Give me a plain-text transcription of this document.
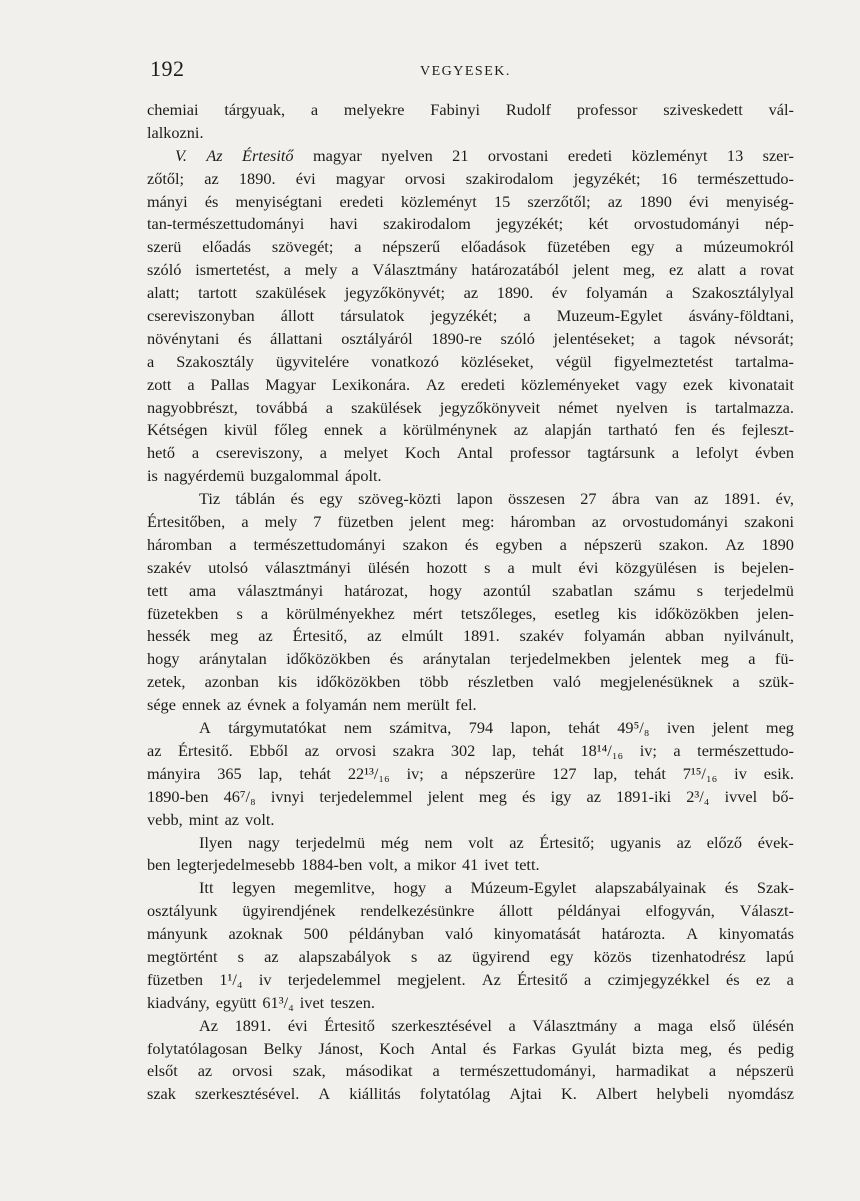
192	VEGYESEK.
chemiai tárgyuak, a melyekre Fabinyi Rudolf professor sziveskedett vál-
lalkozni.
V. Az Értesitő magyar nyelven 21 orvostani eredeti közleményt 13 szer-
zőtől; az 1890. évi magyar orvosi szakirodalom jegyzékét; 16 természettudo-
mányi és menyiségtani eredeti közleményt 15 szerzőtől; az 1890 évi menyiség-
tan-természettudományi havi szakirodalom jegyzékét; két orvostudományi nép-
szerü előadás szövegét; a népszerű előadások füzetében egy a múzeumokról
szóló ismertetést, a mely a Választmány határozatából jelent meg, ez alatt a rovat
alatt; tartott szakülések jegyzőkönyvét; az 1890. év folyamán a Szakosztálylyal
csereviszonyban állott társulatok jegyzékét; a Muzeum-Egylet ásvány-földtani,
növénytani és állattani osztályáról 1890-re szóló jelentéseket; a tagok névsorát;
a Szakosztály ügyvitelére vonatkozó közléseket, végül figyelmeztetést tartalma-
zott a Pallas Magyar Lexikonára. Az eredeti közleményeket vagy ezek kivonatait
nagyobbrészt, továbbá a szakülések jegyzőkönyveit német nyelven is tartalmazza.
Kétségen kivül főleg ennek a körülménynek az alapján tartható fen és fejleszt-
hető a csereviszony, a melyet Koch Antal professor tagtársunk a lefolyt évben
is nagyérdemü buzgalommal ápolt.
Tiz táblán és egy szöveg-közti lapon összesen 27 ábra van az 1891. év,
Értesitőben, a mely 7 füzetben jelent meg: háromban az orvostudományi szakoni
háromban a természettudományi szakon és egyben a népszerü szakon. Az 1890
szakév utolsó választmányi ülésén hozott s a mult évi közgyülésen is bejelen-
tett ama választmányi határozat, hogy azontúl szabatlan számu s terjedelmü
füzetekben s a körülményekhez mért tetszőleges, esetleg kis időközökben jelen-
hessék meg az Értesitő, az elmúlt 1891. szakév folyamán abban nyilvánult,
hogy aránytalan időközökben és aránytalan terjedelmekben jelentek meg a fü-
zetek, azonban kis időközökben több részletben való megjelenésüknek a szük-
sége ennek az évnek a folyamán nem merült fel.
A tárgymutatókat nem számitva, 794 lapon, tehát 49⁵/₈ iven jelent meg
az Értesitő. Ebből az orvosi szakra 302 lap, tehát 18¹⁴/₁₆ iv; a természettudo-
mányira 365 lap, tehát 22¹³/₁₆ iv; a népszerüre 127 lap, tehát 7¹⁵/₁₆ iv esik.
1890-ben 46⁷/₈ ivnyi terjedelemmel jelent meg és igy az 1891-iki 2³/₄ ivvel bő-
vebb, mint az volt.
Ilyen nagy terjedelmü még nem volt az Értesitő; ugyanis az előző évek-
ben legterjedelmesebb 1884-ben volt, a mikor 41 ivet tett.
Itt legyen megemlitve, hogy a Múzeum-Egylet alapszabályainak és Szak-
osztályunk ügyirendjének rendelkezésünkre állott példányai elfogyván, Választ-
mányunk azoknak 500 példányban való kinyomatását határozta. A kinyomatás
megtörtént s az alapszabályok s az ügyirend egy közös tizenhatodrész lapú
füzetben 1¹/₄ iv terjedelemmel megjelent. Az Értesitő a czimjegyzékkel és ez a
kiadvány, együtt 61³/₄ ivet teszen.
Az 1891. évi Értesitő szerkesztésével a Választmány a maga első ülésén
folytatólagosan Belky Jánost, Koch Antal és Farkas Gyulát bizta meg, és pedig
elsőt az orvosi szak, másodikat a természettudományi, harmadikat a népszerü
szak szerkesztésével. A kiállitás folytatólag Ajtai K. Albert helybeli nyomdász
